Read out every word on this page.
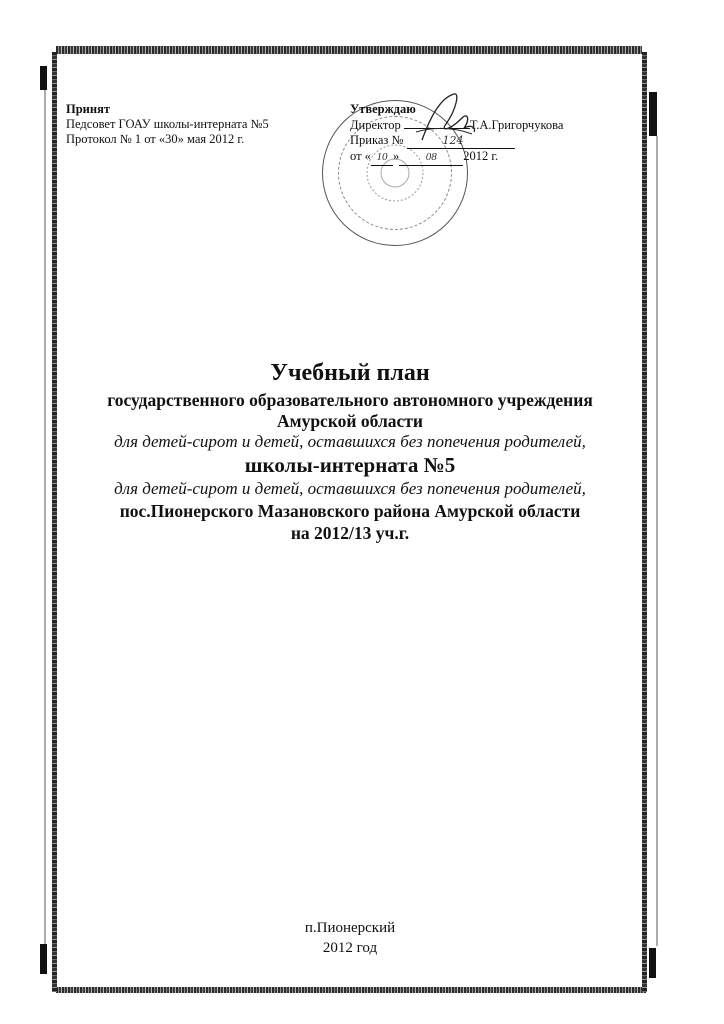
Принят
Педсовет ГОАУ школы-интерната №5
Протокол № 1 от «30» мая 2012 г.
Утверждаю
Директор	Т.А.Григорчукова
Приказ №	124
от « 10 » 08 2012 г.
Учебный план
государственного образовательного автономного учреждения
Амурской области
для детей-сирот и детей, оставшихся без попечения родителей,
школы-интерната №5
для детей-сирот и детей, оставшихся без попечения родителей,
пос.Пионерского Мазановского района Амурской области
на 2012/13 уч.г.
п.Пионерский
2012 год
